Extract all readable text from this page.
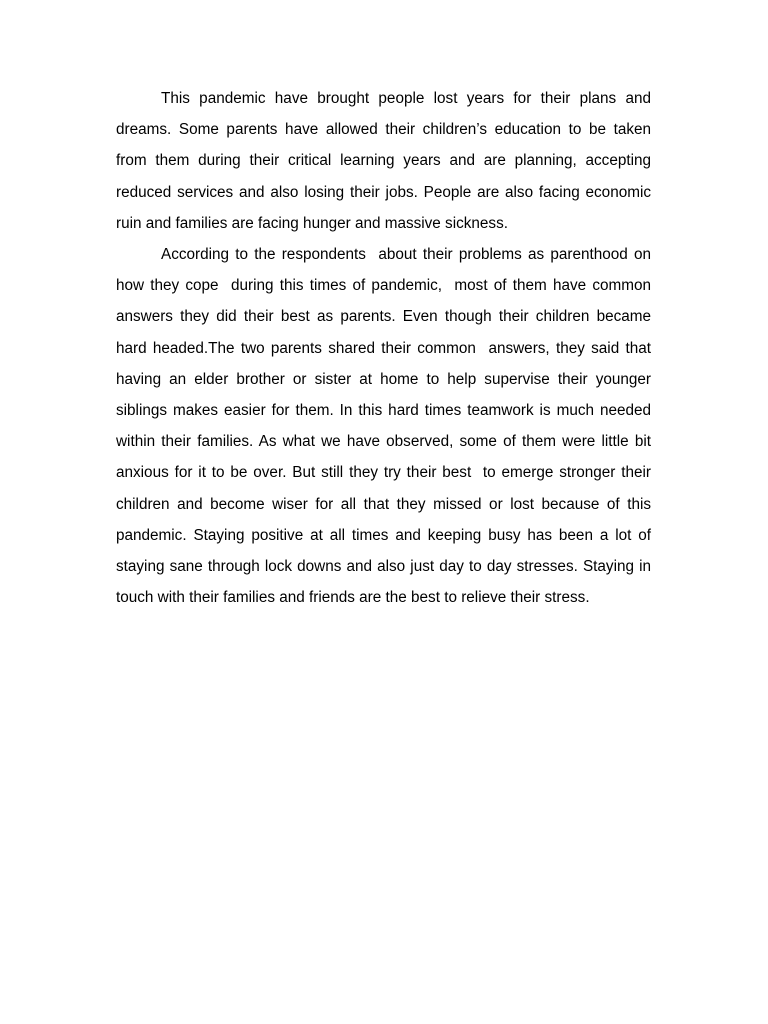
This pandemic have brought people lost years for their plans and dreams. Some parents have allowed their children’s education to be taken from them during their critical learning years and are planning, accepting reduced services and also losing their jobs. People are also facing economic ruin and families are facing hunger and massive sickness.

According to the respondents  about their problems as parenthood on how they cope  during this times of pandemic,  most of them have common answers they did their best as parents. Even though their children became hard headed.The two parents shared their common  answers, they said that having an elder brother or sister at home to help supervise their younger siblings makes easier for them. In this hard times teamwork is much needed within their families. As what we have observed, some of them were little bit anxious for it to be over. But still they try their best  to emerge stronger their children and become wiser for all that they missed or lost because of this pandemic. Staying positive at all times and keeping busy has been a lot of staying sane through lock downs and also just day to day stresses. Staying in touch with their families and friends are the best to relieve their stress.
